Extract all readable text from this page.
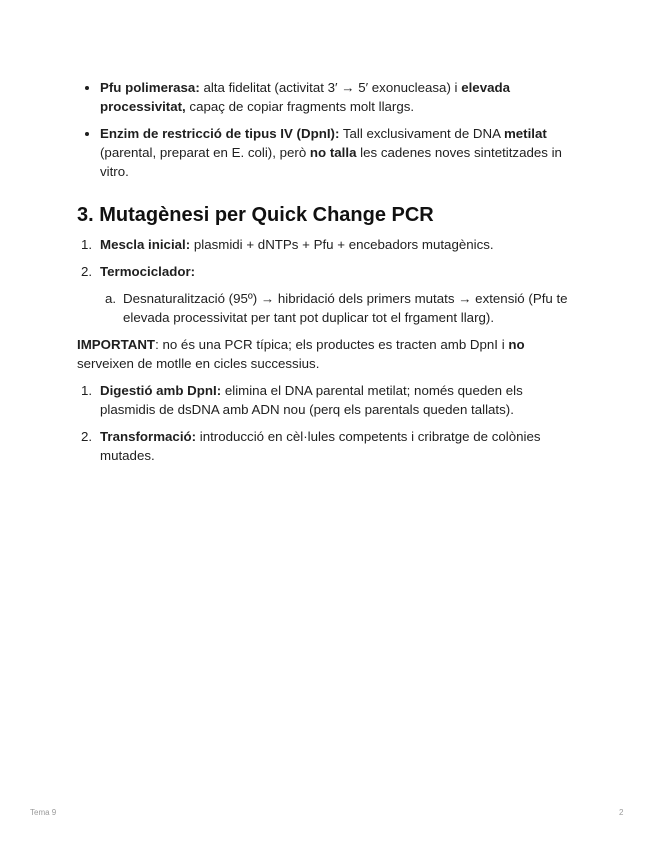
Pfu polimerasa: alta fidelitat (activitat 3′ → 5′ exonucleasa) i elevada processivitat, capaç de copiar fragments molt llargs.
Enzim de restricció de tipus IV (DpnI): Tall exclusivament de DNA metilat (parental, preparat en E. coli), però no talla les cadenes noves sintetitzades in vitro.
3. Mutagènesi per Quick Change PCR
1. Mescla inicial: plasmidi + dNTPs + Pfu + encebadors mutagènics.
2. Termociclador:
a. Desnaturalització (95º) → hibridació dels primers mutats → extensió (Pfu te elevada processivitat per tant pot duplicar tot el frgament llarg).

IMPORTANT: no és una PCR típica; els productes es tracten amb DpnI i no serveixen de motlle en cicles successius.

1. Digestió amb DpnI: elimina el DNA parental metilat; només queden els plasmidis de dsDNA amb ADN nou (perq els parentals queden tallats).
2. Transformació: introducció en cèl·lules competents i cribratge de colònies mutades.
Tema 9	2
